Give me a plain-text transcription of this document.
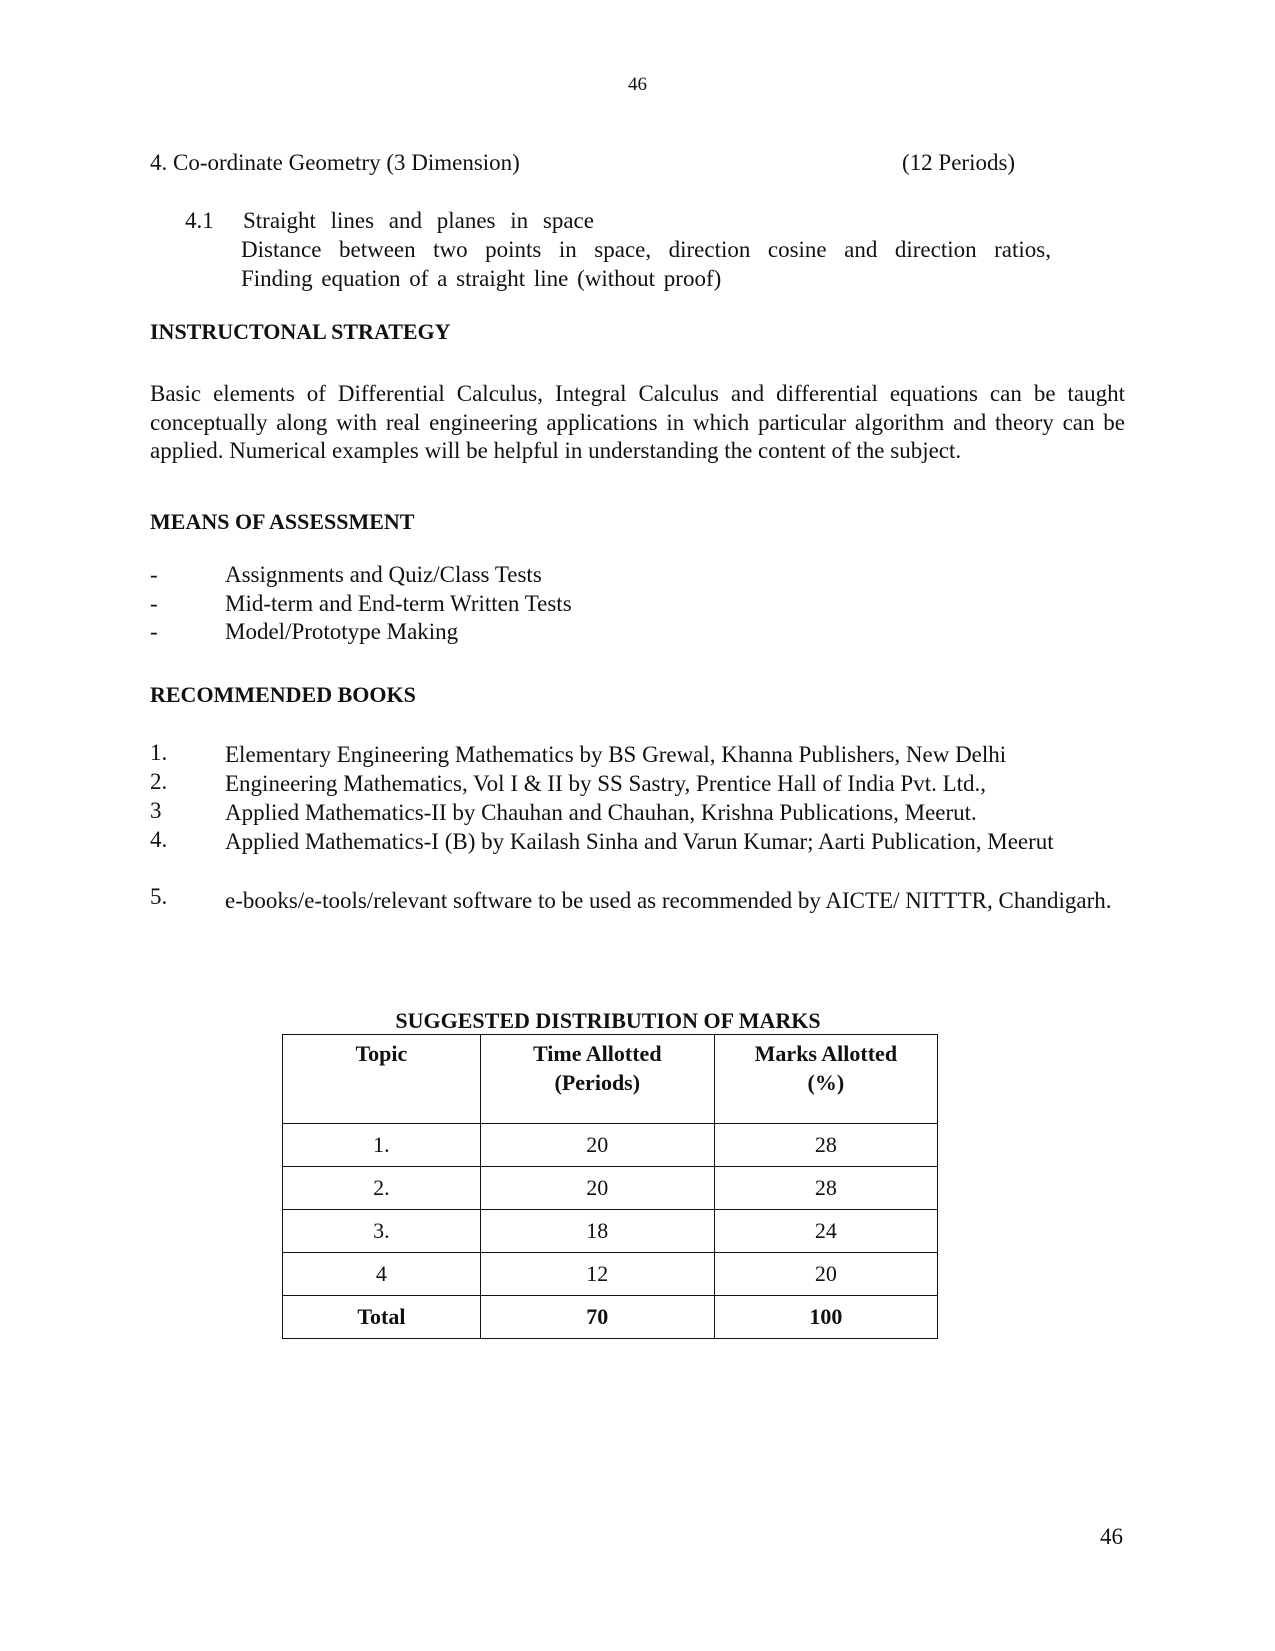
46
4. Co-ordinate Geometry (3 Dimension)	(12 Periods)
4.1 Straight lines and planes in space
Distance between two points in space, direction cosine and direction ratios,
Finding equation of a straight line (without proof)
INSTRUCTONAL STRATEGY
Basic elements of Differential Calculus, Integral Calculus and differential equations can be taught conceptually along with real engineering applications in which particular algorithm and theory can be applied. Numerical examples will be helpful in understanding the content of the subject.
MEANS OF ASSESSMENT
-	Assignments and Quiz/Class Tests
-	Mid-term and End-term Written Tests
-	Model/Prototype Making
RECOMMENDED BOOKS
1.	Elementary Engineering Mathematics by BS Grewal, Khanna Publishers, New Delhi
2.	Engineering Mathematics, Vol I & II by SS Sastry, Prentice Hall of India Pvt. Ltd.,
3	Applied Mathematics-II by Chauhan and Chauhan, Krishna Publications, Meerut.
4.	Applied Mathematics-I (B) by Kailash Sinha and Varun Kumar; Aarti Publication, Meerut
5.	e-books/e-tools/relevant software to be used as recommended by AICTE/ NITTTR, Chandigarh.
SUGGESTED DISTRIBUTION OF MARKS
Topic	Time Allotted (Periods)	Marks Allotted (%)

1.	20	28
2.	20	28
3.	18	24
4	12	20
Total	70	100
46
